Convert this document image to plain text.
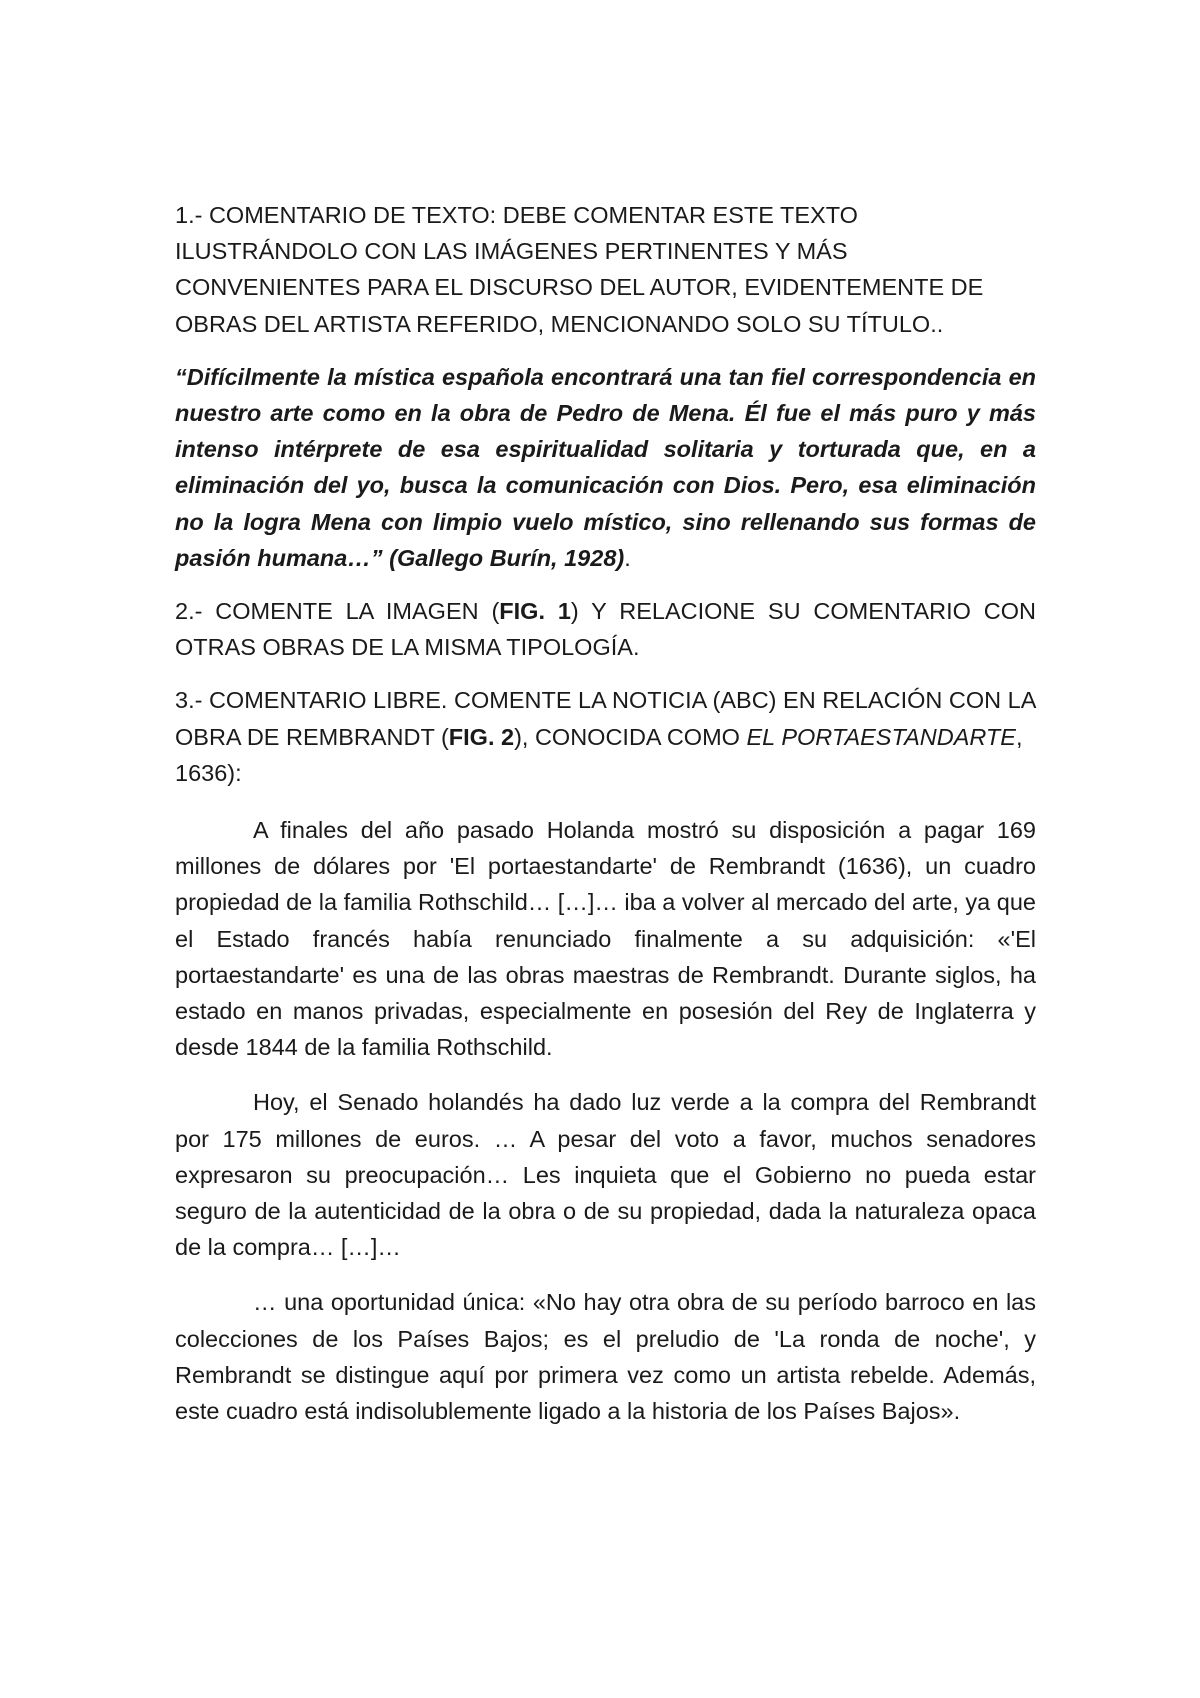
1.- COMENTARIO DE TEXTO: DEBE COMENTAR ESTE TEXTO ILUSTRÁNDOLO CON LAS IMÁGENES PERTINENTES Y MÁS CONVENIENTES PARA EL DISCURSO DEL AUTOR, EVIDENTEMENTE DE OBRAS DEL ARTISTA REFERIDO, MENCIONANDO SOLO SU TÍTULO..

“Difícilmente la mística española encontrará una tan fiel correspondencia en nuestro arte como en la obra de Pedro de Mena. Él fue el más puro y más intenso intérprete de esa espiritualidad solitaria y torturada que, en a eliminación del yo, busca la comunicación con Dios. Pero, esa eliminación no la logra Mena con limpio vuelo místico, sino rellenando sus formas de pasión humana…” (Gallego Burín, 1928).

2.- COMENTE LA IMAGEN (FIG. 1) Y RELACIONE SU COMENTARIO CON OTRAS OBRAS DE LA MISMA TIPOLOGÍA.

3.- COMENTARIO LIBRE. COMENTE LA NOTICIA (ABC) EN RELACIÓN CON LA OBRA DE REMBRANDT (FIG. 2), CONOCIDA COMO EL PORTAESTANDARTE, 1636):

A finales del año pasado Holanda mostró su disposición a pagar 169 millones de dólares por 'El portaestandarte' de Rembrandt (1636), un cuadro propiedad de la familia Rothschild… […]… iba a volver al mercado del arte, ya que el Estado francés había renunciado finalmente a su adquisición: «'El portaestandarte' es una de las obras maestras de Rembrandt. Durante siglos, ha estado en manos privadas, especialmente en posesión del Rey de Inglaterra y desde 1844 de la familia Rothschild.

Hoy, el Senado holandés ha dado luz verde a la compra del Rembrandt por 175 millones de euros. … A pesar del voto a favor, muchos senadores expresaron su preocupación… Les inquieta que el Gobierno no pueda estar seguro de la autenticidad de la obra o de su propiedad, dada la naturaleza opaca de la compra… […]…

… una oportunidad única: «No hay otra obra de su período barroco en las colecciones de los Países Bajos; es el preludio de 'La ronda de noche', y Rembrandt se distingue aquí por primera vez como un artista rebelde. Además, este cuadro está indisolublemente ligado a la historia de los Países Bajos».
